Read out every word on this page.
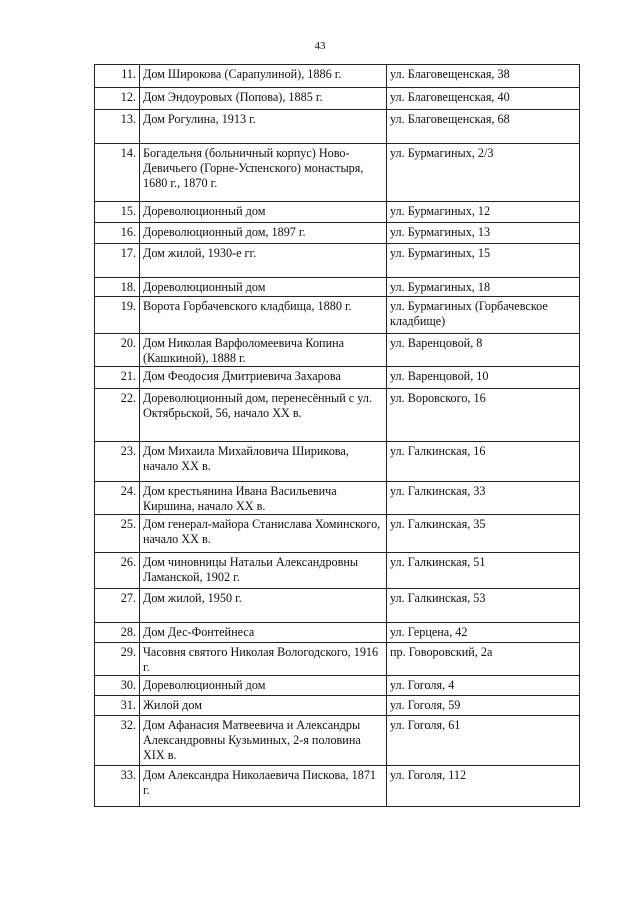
43
11.	Дом Широкова (Сарапулиной), 1886 г.	ул. Благовещенская, 38
12.	Дом Эндоуровых (Попова), 1885 г.	ул. Благовещенская, 40
13.	Дом Рогулина, 1913 г.	ул. Благовещенская, 68
14.	Богадельня (больничный корпус) Ново-Девичьего (Горне-Успенского) монастыря, 1680 г., 1870 г.	ул. Бурмагиных, 2/3
15.	Дореволюционный дом	ул. Бурмагиных, 12
16.	Дореволюционный дом, 1897 г.	ул. Бурмагиных, 13
17.	Дом жилой, 1930-е гг.	ул. Бурмагиных, 15
18.	Дореволюционный дом	ул. Бурмагиных, 18
19.	Ворота Горбачевского кладбища, 1880 г.	ул. Бурмагиных (Горбачевское кладбище)
20.	Дом Николая Варфоломеевича Копина (Кашкиной), 1888 г.	ул. Варенцовой, 8
21.	Дом Феодосия Дмитриевича Захарова	ул. Варенцовой, 10
22.	Дореволюционный дом, перенесённый с ул. Октябрьской, 56, начало XX в.	ул. Воровского, 16
23.	Дом Михаила Михайловича Ширикова, начало XX в.	ул. Галкинская, 16
24.	Дом крестьянина Ивана Васильевича Киршина, начало XX в.	ул. Галкинская, 33
25.	Дом генерал-майора Станислава Хоминского, начало XX в.	ул. Галкинская, 35
26.	Дом чиновницы Натальи Александровны Ламанской, 1902 г.	ул. Галкинская, 51
27.	Дом жилой, 1950 г.	ул. Галкинская, 53
28.	Дом Дес-Фонтейнеса	ул. Герцена, 42
29.	Часовня святого Николая Вологодского, 1916 г.	пр. Говоровский, 2а
30.	Дореволюционный дом	ул. Гоголя, 4
31.	Жилой дом	ул. Гоголя, 59
32.	Дом Афанасия Матвеевича и Александры Александровны Кузьминых, 2-я половина XIX в.	ул. Гоголя, 61
33.	Дом Александра Николаевича Пискова, 1871 г.	ул. Гоголя, 112
